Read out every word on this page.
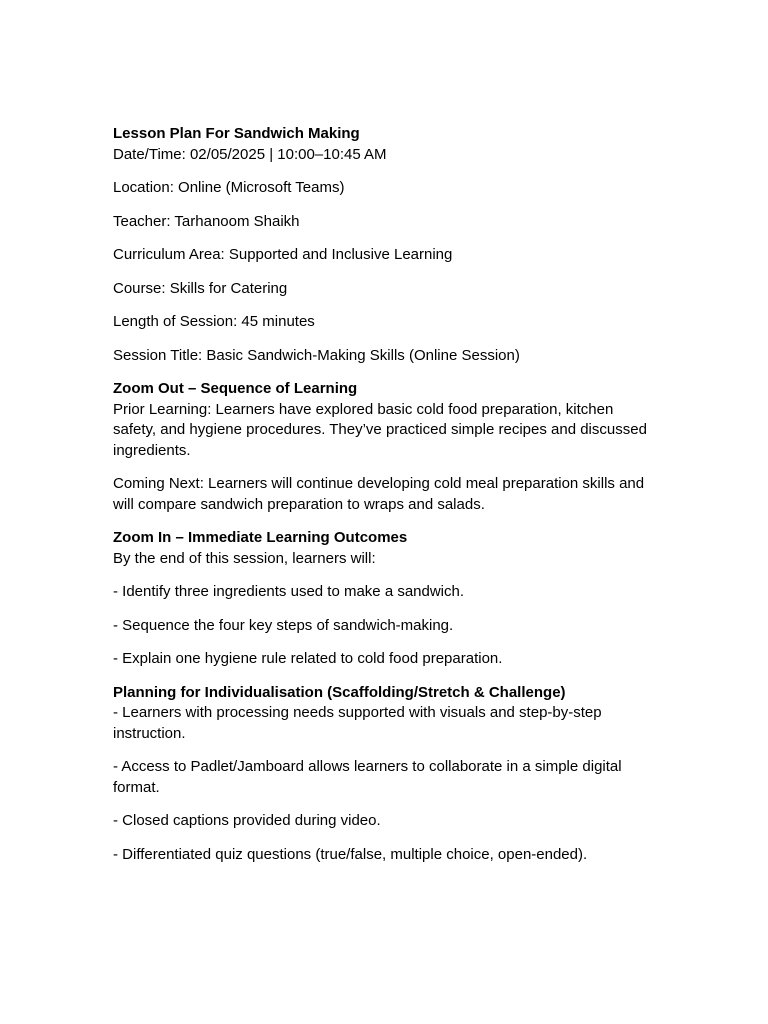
Lesson Plan For Sandwich Making

Date/Time: 02/05/2025 | 10:00–10:45 AM

Location: Online (Microsoft Teams)

Teacher: Tarhanoom Shaikh

Curriculum Area: Supported and Inclusive Learning

Course: Skills for Catering

Length of Session: 45 minutes

Session Title: Basic Sandwich-Making Skills (Online Session)

Zoom Out – Sequence of Learning

Prior Learning: Learners have explored basic cold food preparation, kitchen safety, and hygiene procedures. They’ve practiced simple recipes and discussed ingredients.

Coming Next: Learners will continue developing cold meal preparation skills and will compare sandwich preparation to wraps and salads.

Zoom In – Immediate Learning Outcomes

By the end of this session, learners will:

- Identify three ingredients used to make a sandwich.

- Sequence the four key steps of sandwich-making.

- Explain one hygiene rule related to cold food preparation.

Planning for Individualisation (Scaffolding/Stretch & Challenge)

- Learners with processing needs supported with visuals and step-by-step instruction.

- Access to Padlet/Jamboard allows learners to collaborate in a simple digital format.

- Closed captions provided during video.

- Differentiated quiz questions (true/false, multiple choice, open-ended).
